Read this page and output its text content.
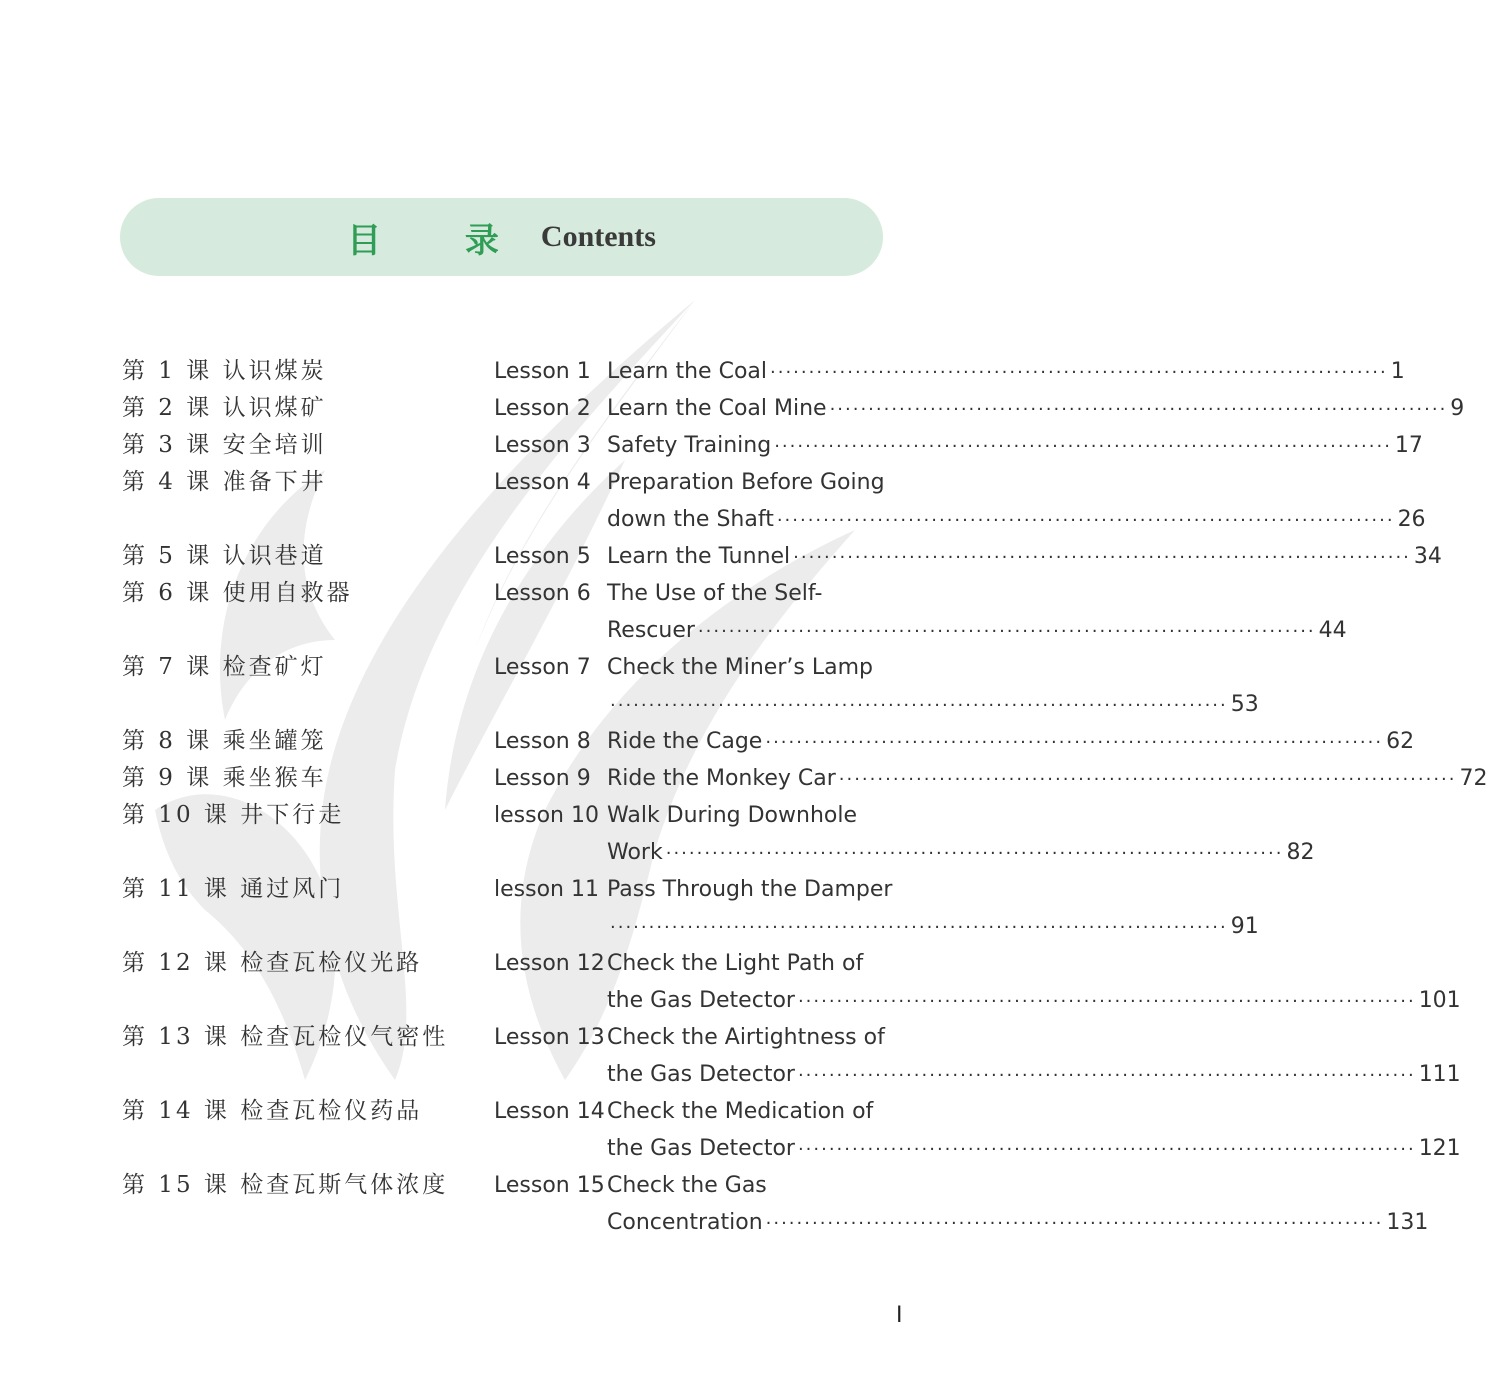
目 录 Contents
第 1 课 认识煤炭	Lesson 1 Learn the Coal ················································································ 1
第 2 课 认识煤矿	Lesson 2 Learn the Coal Mine ················································································ 9
第 3 课 安全培训	Lesson 3 Safety Training ················································································ 17
第 4 课 准备下井	Lesson 4 Preparation Before Going
down the Shaft ················································································ 26
第 5 课 认识巷道	Lesson 5 Learn the Tunnel ················································································ 34
第 6 课 使用自救器	Lesson 6 The Use of the Self-
Rescuer ················································································ 44
第 7 课 检查矿灯	Lesson 7 Check the Miner’s Lamp
················································································ 53
第 8 课 乘坐罐笼	Lesson 8 Ride the Cage ················································································ 62
第 9 课 乘坐猴车	Lesson 9 Ride the Monkey Car ················································································ 72
第 10 课 井下行走	lesson 10 Walk During Downhole
Work ················································································ 82
第 11 课 通过风门	lesson 11 Pass Through the Damper
················································································ 91
第 12 课 检查瓦检仪光路	Lesson 12 Check the Light Path of
the Gas Detector ················································································ 101
第 13 课 检查瓦检仪气密性 Lesson 13 Check the Airtightness of
the Gas Detector ················································································ 111
第 14 课 检查瓦检仪药品	Lesson 14 Check the Medication of
the Gas Detector ················································································ 121
第 15 课 检查瓦斯气体浓度 Lesson 15 Check the Gas
Concentration ················································································ 131
I
